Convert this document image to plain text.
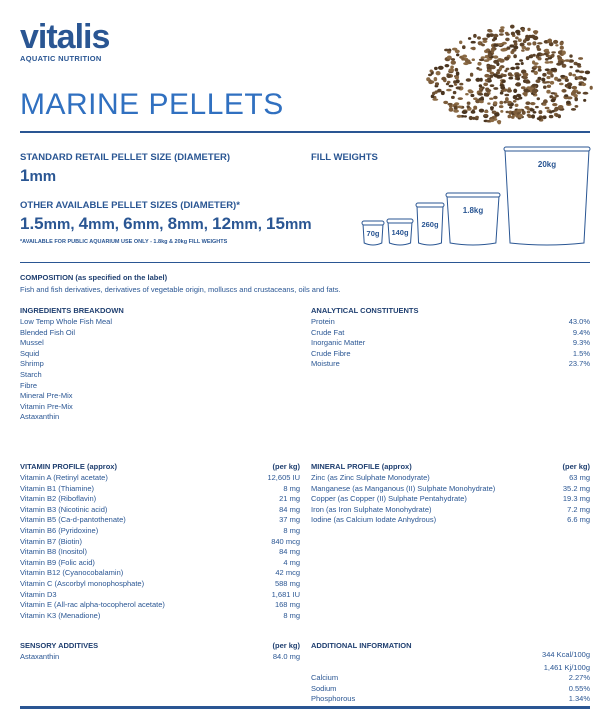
vitalis
AQUATIC NUTRITION
MARINE PELLETS
STANDARD RETAIL PELLET SIZE (DIAMETER)
1mm
OTHER AVAILABLE PELLET SIZES (DIAMETER)*
1.5mm, 4mm, 6mm, 8mm, 12mm, 15mm
*AVAILABLE FOR PUBLIC AQUARIUM USE ONLY - 1.8kg & 20kg FILL WEIGHTS
FILL WEIGHTS
70g 140g
260g
1.8kg
20kg
COMPOSITION (as specified on the label)
Fish and fish derivatives, derivatives of vegetable origin, molluscs and crustaceans, oils and fats.
INGREDIENTS BREAKDOWN
Low Temp Whole Fish Meal
Blended Fish Oil
Mussel
Squid
Shrimp
Starch
Fibre
Mineral Pre-Mix
Vitamin Pre-Mix
Astaxanthin
ANALYTICAL CONSTITUENTS
Protein	43.0%
Crude Fat	9.4%
Inorganic Matter	9.3%
Crude Fibre	1.5%
Moisture	23.7%
VITAMIN PROFILE (approx)	(per kg)
Vitamin A (Retinyl acetate)	12,605 IU
Vitamin B1 (Thiamine)	8 mg
Vitamin B2 (Riboflavin)	21 mg
Vitamin B3 (Nicotinic acid)	84 mg
Vitamin B5 (Ca-d-pantothenate)	37 mg
Vitamin B6 (Pyridoxine)	8 mg
Vitamin B7 (Biotin)	840 mcg
Vitamin B8 (Inositol)	84 mg
Vitamin B9 (Folic acid)	4 mg
Vitamin B12 (Cyanocobalamin)	42 mcg
Vitamin C (Ascorbyl monophosphate)	588 mg
Vitamin D3	1,681 IU
Vitamin E (All-rac alpha-tocopherol acetate)	168 mg
Vitamin K3 (Menadione)	8 mg
MINERAL PROFILE (approx)	(per kg)
Zinc (as Zinc Sulphate Monodyrate)	63 mg
Manganese (as Manganous (II) Sulphate Monohydrate)	35.2 mg
Copper (as Copper (II) Sulphate Pentahydrate)	19.3 mg
Iron (as Iron Sulphate Monohydrate)	7.2 mg
Iodine (as Calcium Iodate Anhydrous)	6.6 mg
SENSORY ADDITIVES	(per kg)
Astaxanthin	84.0 mg
ADDITIONAL INFORMATION
344 Kcal/100g
1,461 Kj/100g
Calcium	2.27%
Sodium	0.55%
Phosphorous	1.34%
